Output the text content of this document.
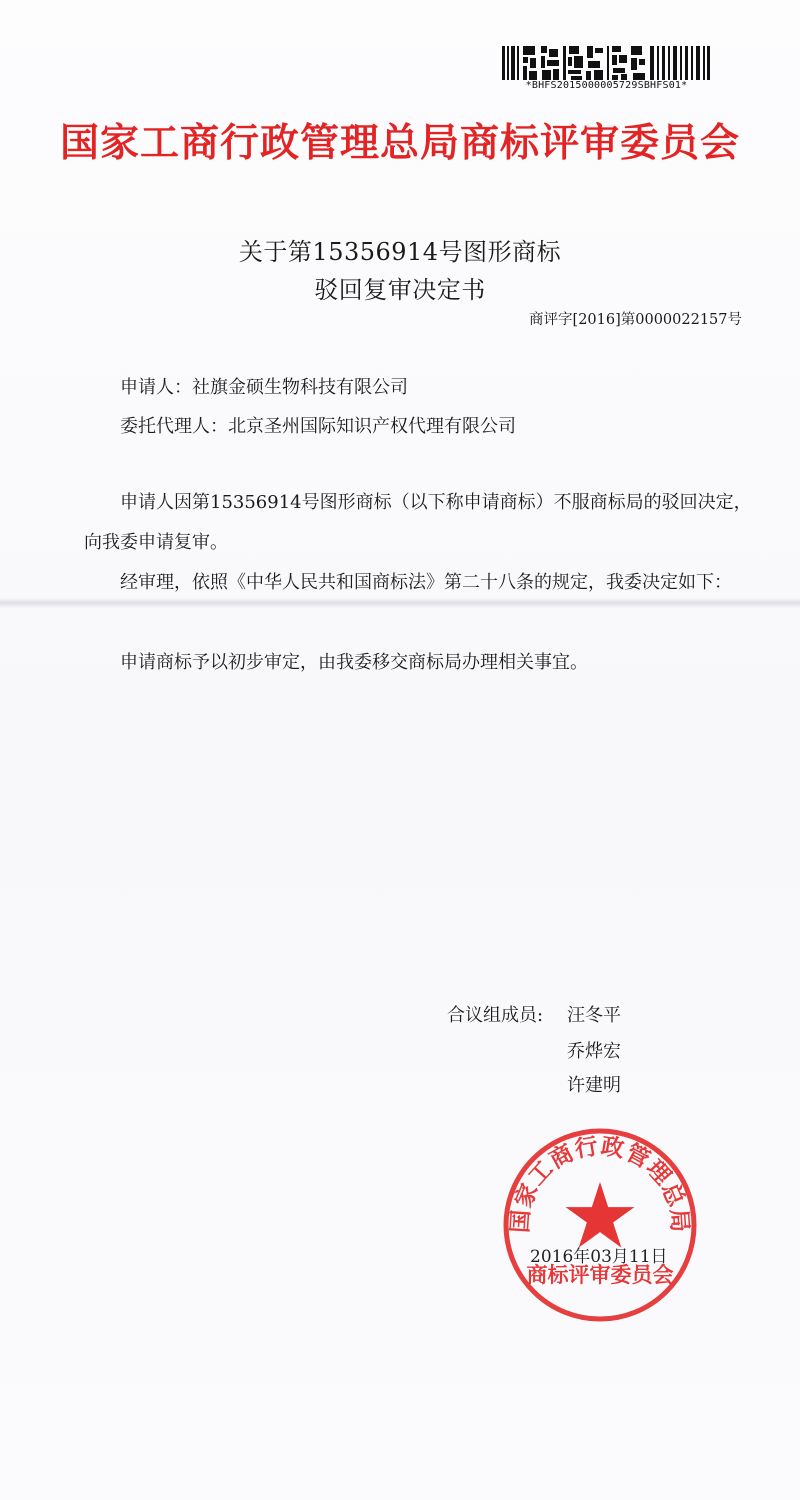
*BHFS2015000005729SBHFS01*
国家工商行政管理总局商标评审委员会
关于第15356914号图形商标
驳回复审决定书
商评字[2016]第0000022157号
申请人：社旗金硕生物科技有限公司
委托代理人：北京圣州国际知识产权代理有限公司
申请人因第15356914号图形商标（以下称申请商标）不服商标局的驳回决定，向我委申请复审。
经审理，依照《中华人民共和国商标法》第二十八条的规定，我委决定如下：
申请商标予以初步审定，由我委移交商标局办理相关事宜。
合议组成员: 汪冬平
乔烨宏
许建明
国家工商行政管理总局
商标评审委员会
2016年03月11日
